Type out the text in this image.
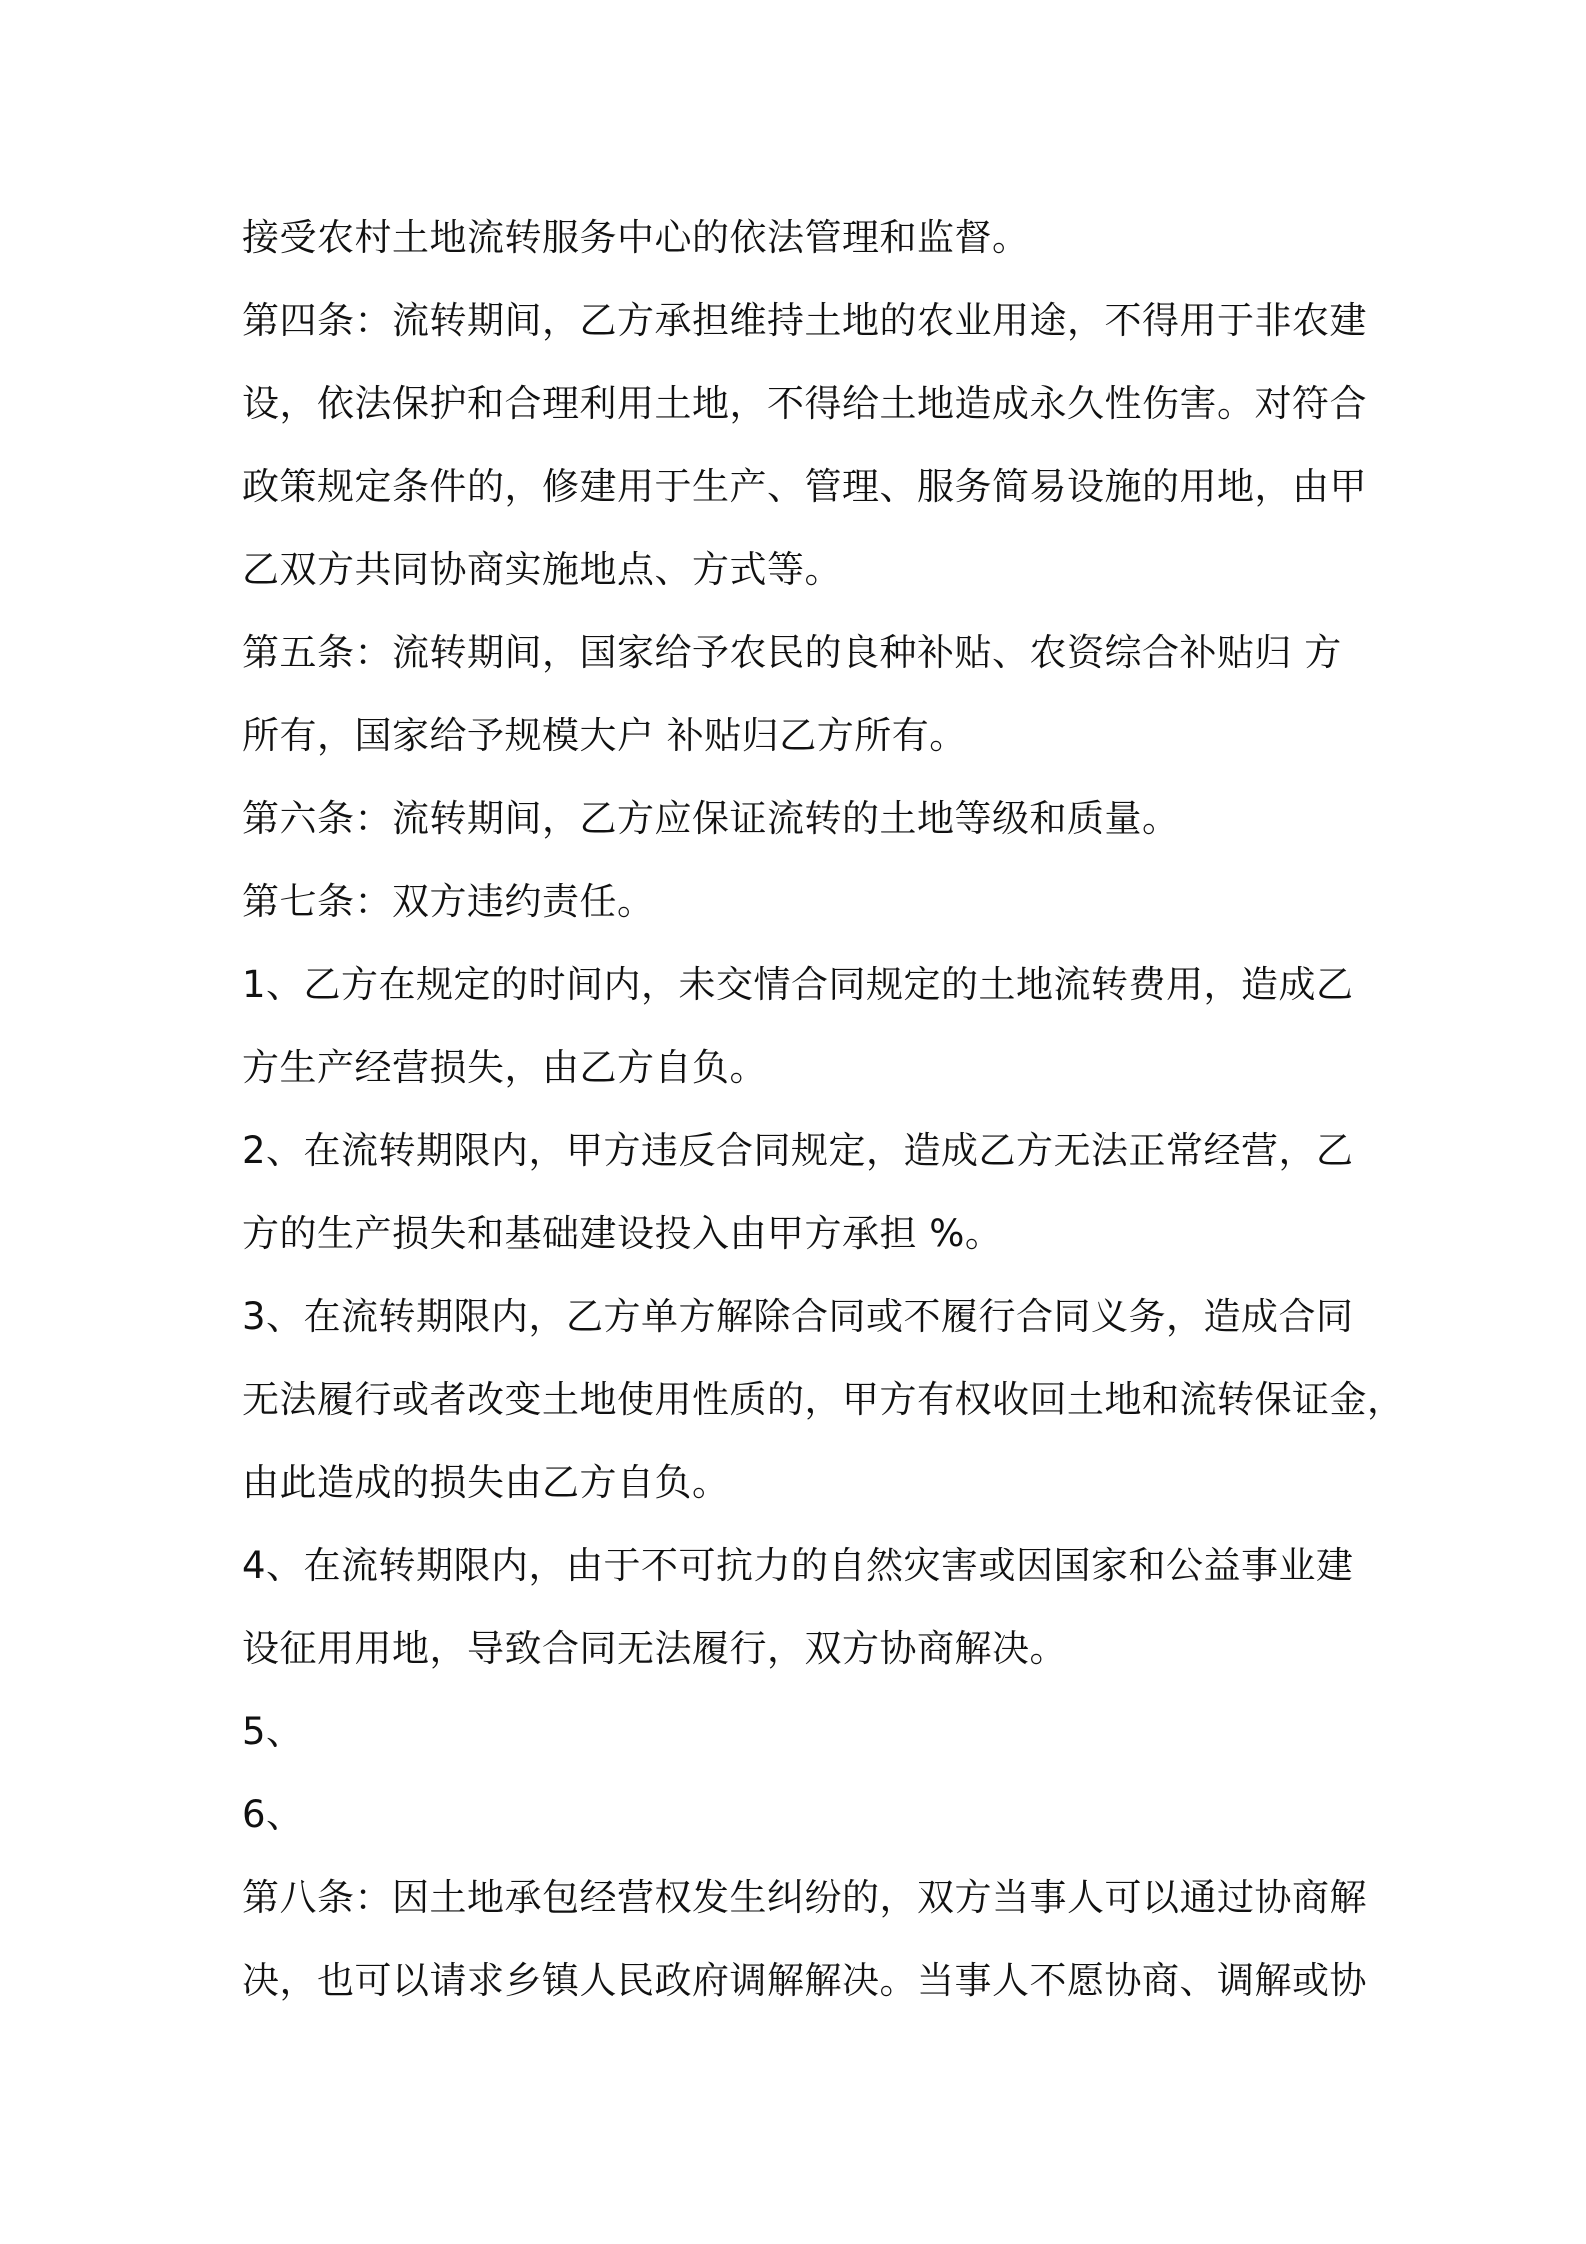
接受农村土地流转服务中心的依法管理和监督。
第四条：流转期间，乙方承担维持土地的农业用途，不得用于非农建
设，依法保护和合理利用土地，不得给土地造成永久性伤害。对符合
政策规定条件的，修建用于生产、管理、服务简易设施的用地，由甲
乙双方共同协商实施地点、方式等。
第五条：流转期间，国家给予农民的良种补贴、农资综合补贴归 方
所有，国家给予规模大户 补贴归乙方所有。
第六条：流转期间，乙方应保证流转的土地等级和质量。
第七条：双方违约责任。
1、乙方在规定的时间内，未交情合同规定的土地流转费用，造成乙
方生产经营损失，由乙方自负。
2、在流转期限内，甲方违反合同规定，造成乙方无法正常经营，乙
方的生产损失和基础建设投入由甲方承担 %。
3、在流转期限内，乙方单方解除合同或不履行合同义务，造成合同
无法履行或者改变土地使用性质的，甲方有权收回土地和流转保证金，
由此造成的损失由乙方自负。
4、在流转期限内，由于不可抗力的自然灾害或因国家和公益事业建
设征用用地，导致合同无法履行，双方协商解决。
5、
6、
第八条：因土地承包经营权发生纠纷的，双方当事人可以通过协商解
决，也可以请求乡镇人民政府调解解决。当事人不愿协商、调解或协
